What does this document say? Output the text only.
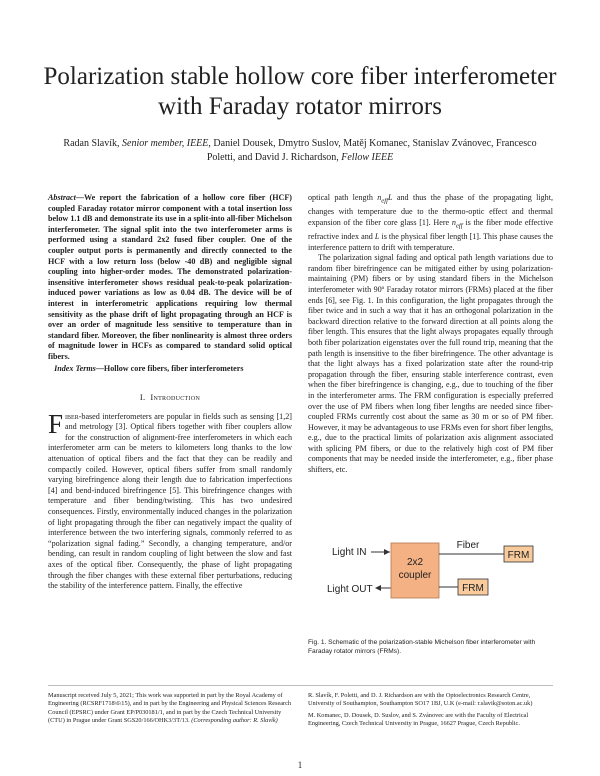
Polarization stable hollow core fiber interferometer with Faraday rotator mirrors
Radan Slavík, Senior member, IEEE, Daniel Dousek, Dmytro Suslov, Matěj Komanec, Stanislav Zvánovec, Francesco Poletti, and David J. Richardson, Fellow IEEE
Abstract—We report the fabrication of a hollow core fiber (HCF) coupled Faraday rotator mirror component with a total insertion loss below 1.1 dB and demonstrate its use in a split-into all-fiber Michelson interferometer. The signal split into the two interferometer arms is performed using a standard 2x2 fused fiber coupler. One of the coupler output ports is permanently and directly connected to the HCF with a low return loss (below -40 dB) and negligible signal coupling into higher-order modes. The demonstrated polarization-insensitive interferometer shows residual peak-to-peak polarization-induced power variations as low as 0.04 dB. The device will be of interest in interferometric applications requiring low thermal sensitivity as the phase drift of light propagating through an HCF is over an order of magnitude less sensitive to temperature than in standard fiber. Moreover, the fiber nonlinearity is almost three orders of magnitude lower in HCFs as compared to standard solid optical fibers.
Index Terms—Hollow core fibers, fiber interferometers
I. Introduction

Fiber-based interferometers are popular in fields such as sensing [1,2] and metrology [3]. Optical fibers together with fiber couplers allow for the construction of alignment-free interferometers in which each interferometer arm can be meters to kilometers long thanks to the low attenuation of optical fibers and the fact that they can be readily and compactly coiled. However, optical fibers suffer from small randomly varying birefringence along their length due to fabrication imperfections [4] and bend-induced birefringence [5]. This birefringence changes with temperature and fiber bending/twisting. This has two undesired consequences. Firstly, environmentally induced changes in the polarization of light propagating through the fiber can negatively impact the quality of interference between the two interfering signals, commonly referred to as “polarization signal fading.” Secondly, a changing temperature, and/or bending, can result in random coupling of light between the slow and fast axes of the optical fiber. Consequently, the phase of light propagating through the fiber changes with these external fiber perturbations, reducing the stability of the interference pattern. Finally, the effective

optical path length $n_{eff}L$ and thus the phase of the propagating light, changes with temperature due to the thermo-optic effect and thermal expansion of the fiber core glass [1]. Here $n_{eff}$ is the fiber mode effective refractive index and L is the physical fiber length [1]. This phase causes the interference pattern to drift with temperature.

The polarization signal fading and optical path length variations due to random fiber birefringence can be mitigated either by using polarization-maintaining (PM) fibers or by using standard fibers in the Michelson interferometer with 90º Faraday rotator mirrors (FRMs) placed at the fiber ends [6], see Fig. 1. In this configuration, the light propagates through the fiber twice and in such a way that it has an orthogonal polarization in the backward direction relative to the forward direction at all points along the fiber length. This ensures that the light always propagates equally through both fiber polarization eigenstates over the full round trip, meaning that the path length is insensitive to the fiber birefringence. The other advantage is that the light always has a fixed polarization state after the round-trip propagation through the fiber, ensuring stable interference contrast, even when the fiber birefringence is changing, e.g., due to touching of the fiber in the interferometer arms. The FRM configuration is especially preferred over the use of PM fibers when long fiber lengths are needed since fiber-coupled FRMs currently cost about the same as 30 m or so of PM fiber. However, it may be advantageous to use FRMs even for short fiber lengths, e.g., due to the practical limits of polarization axis alignment associated with splicing PM fibers, or due to the relatively high cost of PM fiber components that may be needed inside the interferometer, e.g., fiber phase shifters, etc.

Light IN
Light OUT
2x2
coupler
Fiber
FRM
FRM
Fig. 1. Schematic of the polarization-stable Michelson fiber interferometer with Faraday rotator mirrors (FRMs).

Manuscript received July 5, 2021; This work was supported in part by the Royal Academy of Engineering (RCSRF1718\6\15), and in part by the Engineering and Physical Sciences Research Council (EPSRC) under Grant EP/P030181/1, and in part by the Czech Technical University (CTU) in Prague under Grant SGS20/166/OHK3/3T/13. (Corresponding author: R. Slavík)

R. Slavík, F. Poletti, and D. J. Richardson are with the Optoelectronics Research Centre, University of Southampton, Southampton SO17 1BJ, U.K (e-mail: r.slavik@soton.ac.uk)

M. Komanec, D. Dousek, D. Suslov, and S. Zvánovec are with the Faculty of Electrical Engineering, Czech Technical University in Prague, 16627 Prague, Czech Republic.

1
